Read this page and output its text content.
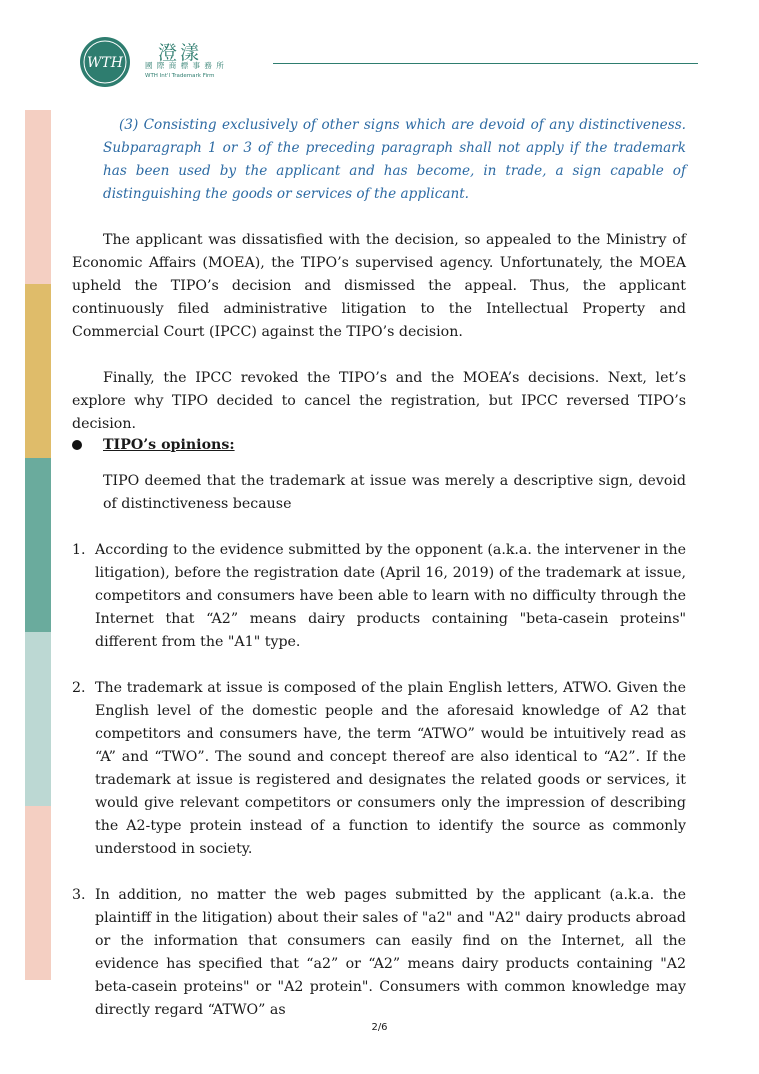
WTH 澄漾
國 際 商 標 事 務 所
WTH Int'l Trademark Firm

(3) Consisting exclusively of other signs which are devoid of any distinctiveness. Subparagraph 1 or 3 of the preceding paragraph shall not apply if the trademark has been used by the applicant and has become, in trade, a sign capable of distinguishing the goods or services of the applicant.

The applicant was dissatisfied with the decision, so appealed to the Ministry of Economic Affairs (MOEA), the TIPO’s supervised agency. Unfortunately, the MOEA upheld the TIPO’s decision and dismissed the appeal. Thus, the applicant continuously filed administrative litigation to the Intellectual Property and Commercial Court (IPCC) against the TIPO’s decision.

Finally, the IPCC revoked the TIPO’s and the MOEA’s decisions. Next, let’s explore why TIPO decided to cancel the registration, but IPCC reversed TIPO’s decision.

TIPO’s opinions:

TIPO deemed that the trademark at issue was merely a descriptive sign, devoid of distinctiveness because

1. According to the evidence submitted by the opponent (a.k.a. the intervener in the litigation), before the registration date (April 16, 2019) of the trademark at issue, competitors and consumers have been able to learn with no difficulty through the Internet that “A2” means dairy products containing "beta-casein proteins" different from the "A1" type.

2. The trademark at issue is composed of the plain English letters, ATWO. Given the English level of the domestic people and the aforesaid knowledge of A2 that competitors and consumers have, the term “ATWO” would be intuitively read as “A” and “TWO”. The sound and concept thereof are also identical to “A2”. If the trademark at issue is registered and designates the related goods or services, it would give relevant competitors or consumers only the impression of describing the A2-type protein instead of a function to identify the source as commonly understood in society.

3. In addition, no matter the web pages submitted by the applicant (a.k.a. the plaintiff in the litigation) about their sales of "a2" and "A2" dairy products abroad or the information that consumers can easily find on the Internet, all the evidence has specified that “a2” or “A2” means dairy products containing "A2 beta-casein proteins" or "A2 protein". Consumers with common knowledge may directly regard “ATWO” as

2/6
